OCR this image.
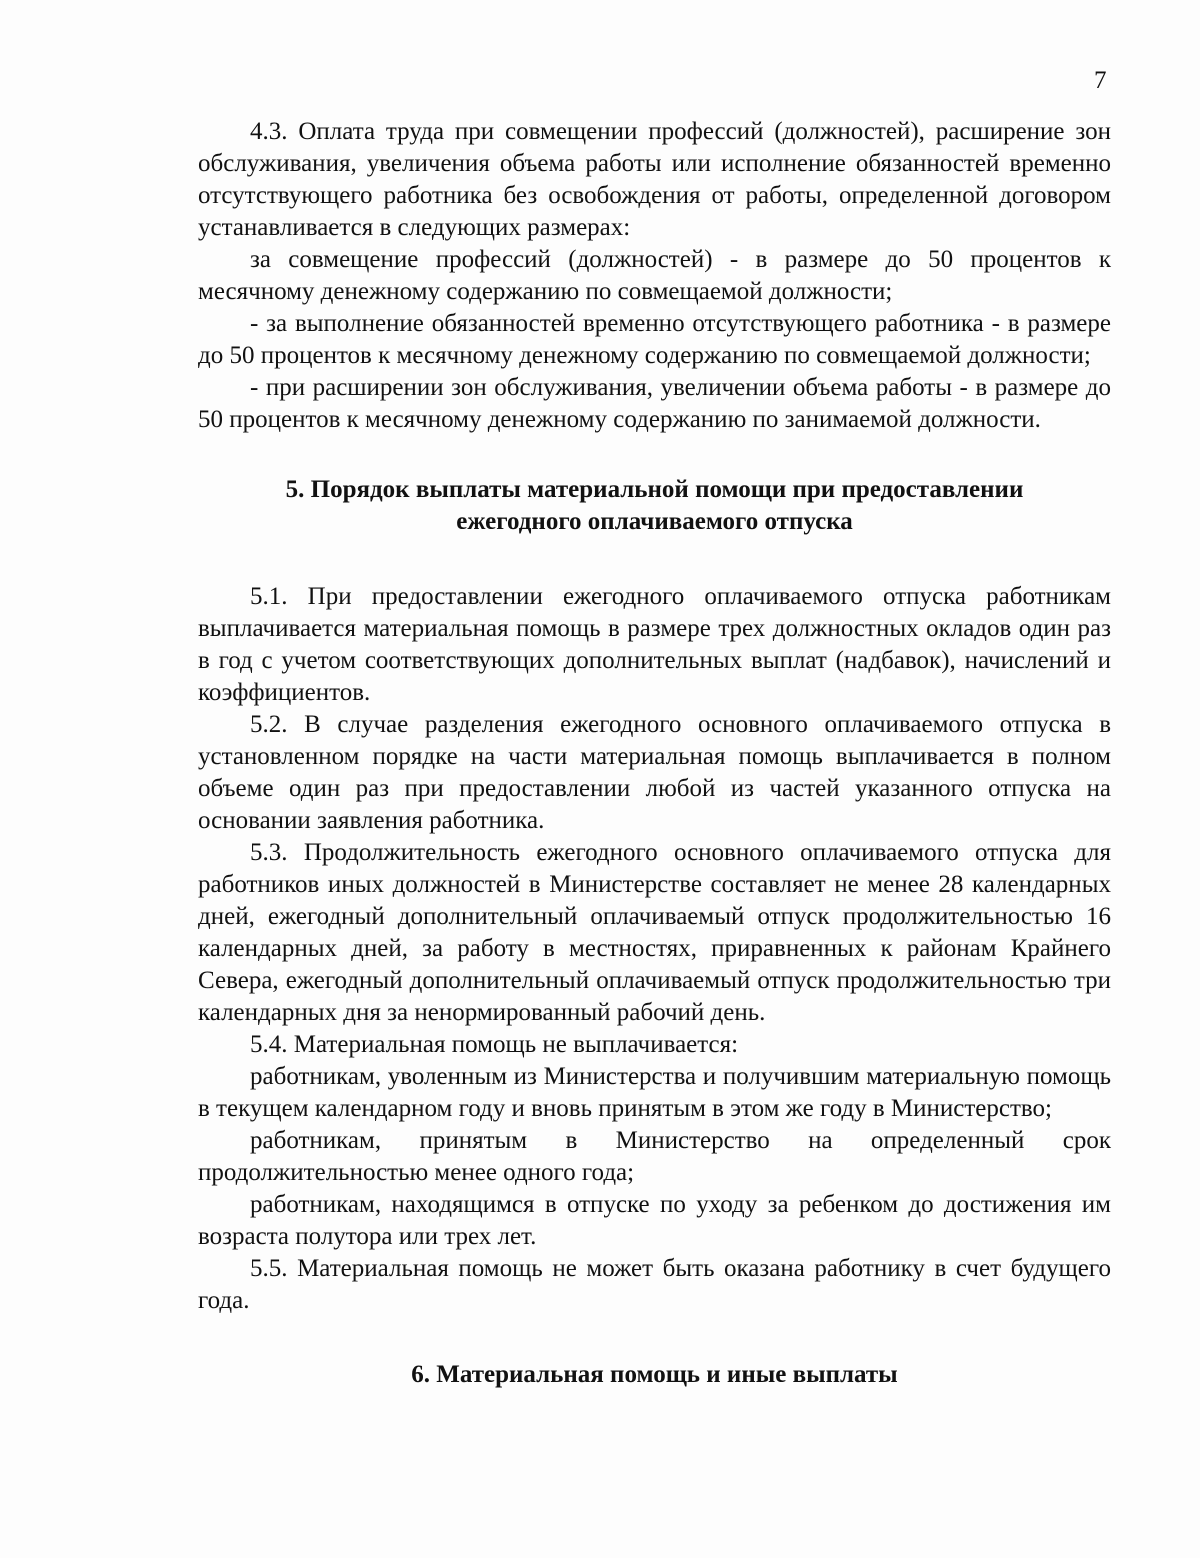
7

4.3. Оплата труда при совмещении профессий (должностей), расширение зон обслуживания, увеличения объема работы или исполнение обязанностей временно отсутствующего работника без освобождения от работы, определенной договором устанавливается в следующих размерах:

за совмещение профессий (должностей) - в размере до 50 процентов к месячному денежному содержанию по совмещаемой должности;

- за выполнение обязанностей временно отсутствующего работника - в размере до 50 процентов к месячному денежному содержанию по совмещаемой должности;

- при расширении зон обслуживания, увеличении объема работы - в размере до 50 процентов к месячному денежному содержанию по занимаемой должности.

5. Порядок выплаты материальной помощи при предоставлении
ежегодного оплачиваемого отпуска

5.1. При предоставлении ежегодного оплачиваемого отпуска работникам выплачивается материальная помощь в размере трех должностных окладов один раз в год с учетом соответствующих дополнительных выплат (надбавок), начислений и коэффициентов.

5.2. В случае разделения ежегодного основного оплачиваемого отпуска в установленном порядке на части материальная помощь выплачивается в полном объеме один раз при предоставлении любой из частей указанного отпуска на основании заявления работника.

5.3. Продолжительность ежегодного основного оплачиваемого отпуска для работников иных должностей в Министерстве составляет не менее 28 календарных дней, ежегодный дополнительный оплачиваемый отпуск продолжительностью 16 календарных дней, за работу в местностях, приравненных к районам Крайнего Севера, ежегодный дополнительный оплачиваемый отпуск продолжительностью три календарных дня за ненормированный рабочий день.

5.4. Материальная помощь не выплачивается:

работникам, уволенным из Министерства и получившим материальную помощь в текущем календарном году и вновь принятым в этом же году в Министерство;

работникам, принятым в Министерство на определенный срок продолжительностью менее одного года;

работникам, находящимся в отпуске по уходу за ребенком до достижения им возраста полутора или трех лет.

5.5. Материальная помощь не может быть оказана работнику в счет будущего года.

6. Материальная помощь и иные выплаты
